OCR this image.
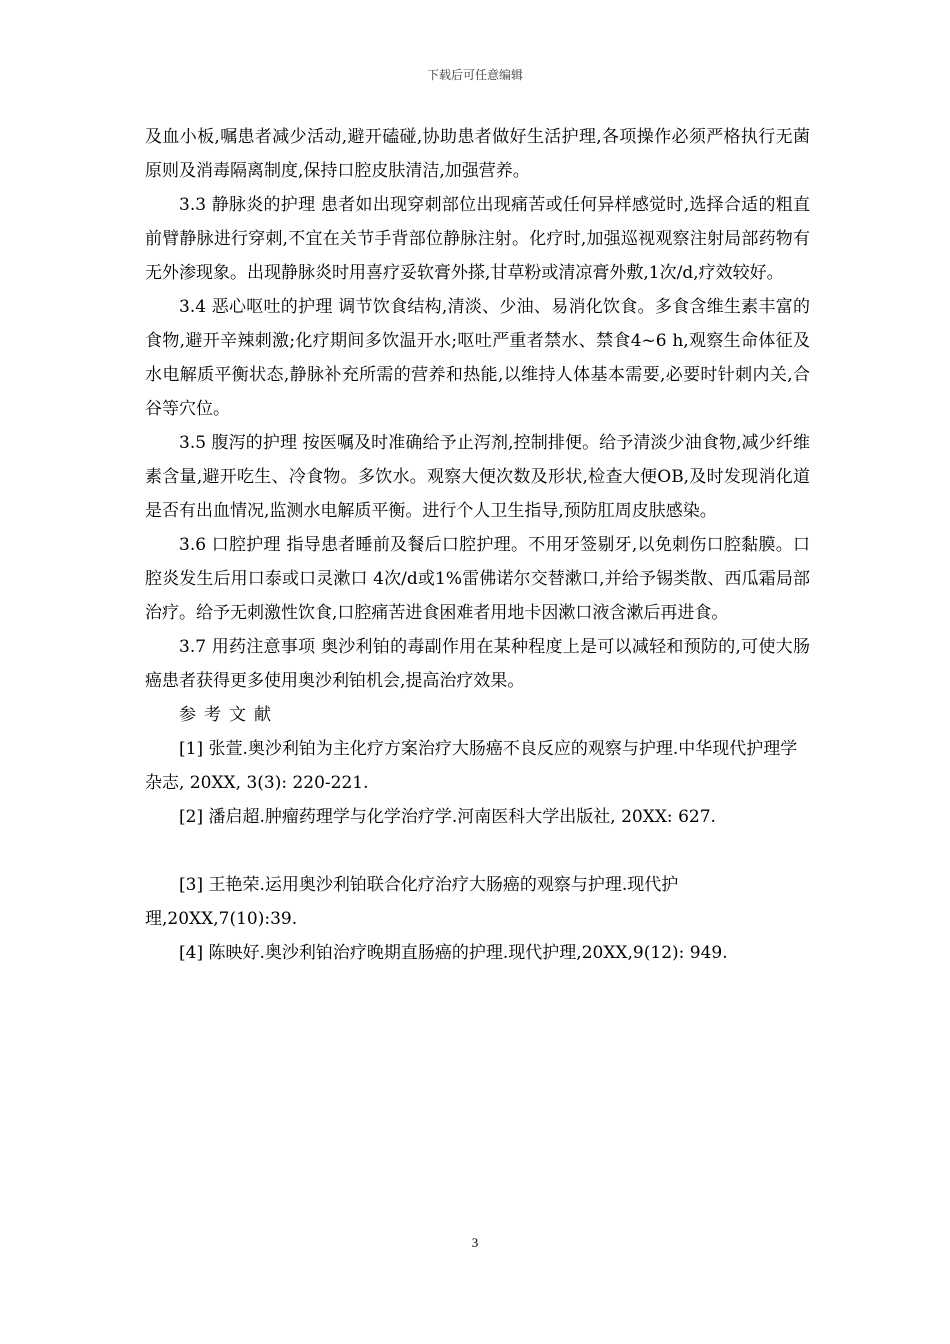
下载后可任意编辑

及血小板,嘱患者减少活动,避开磕碰,协助患者做好生活护理,各项操作必须严格执行无菌原则及消毒隔离制度,保持口腔皮肤清洁,加强营养。

3.3 静脉炎的护理 患者如出现穿刺部位出现痛苦或任何异样感觉时,选择合适的粗直前臂静脉进行穿刺,不宜在关节手背部位静脉注射。化疗时,加强巡视观察注射局部药物有无外渗现象。出现静脉炎时用喜疗妥软膏外搽,甘草粉或清凉膏外敷,1次/d,疗效较好。

3.4 恶心呕吐的护理 调节饮食结构,清淡、少油、易消化饮食。多食含维生素丰富的食物,避开辛辣刺激;化疗期间多饮温开水;呕吐严重者禁水、禁食4~6 h,观察生命体征及水电解质平衡状态,静脉补充所需的营养和热能,以维持人体基本需要,必要时针刺内关,合谷等穴位。

3.5 腹泻的护理 按医嘱及时准确给予止泻剂,控制排便。给予清淡少油食物,减少纤维素含量,避开吃生、冷食物。多饮水。观察大便次数及形状,检查大便OB,及时发现消化道是否有出血情况,监测水电解质平衡。进行个人卫生指导,预防肛周皮肤感染。

3.6 口腔护理 指导患者睡前及餐后口腔护理。不用牙签剔牙,以免刺伤口腔黏膜。口腔炎发生后用口泰或口灵漱口 4次/d或1%雷佛诺尔交替漱口,并给予锡类散、西瓜霜局部治疗。给予无刺激性饮食,口腔痛苦进食困难者用地卡因漱口液含漱后再进食。

3.7 用药注意事项 奥沙利铂的毒副作用在某种程度上是可以减轻和预防的,可使大肠癌患者获得更多使用奥沙利铂机会,提高治疗效果。

参考文献

[1] 张萱.奥沙利铂为主化疗方案治疗大肠癌不良反应的观察与护理.中华现代护理学杂志, 20XX, 3(3): 220-221.

[2] 潘启超.肿瘤药理学与化学治疗学.河南医科大学出版社, 20XX: 627.

[3] 王艳荣.运用奥沙利铂联合化疗治疗大肠癌的观察与护理.现代护理,20XX,7(10):39.

[4] 陈映好.奥沙利铂治疗晚期直肠癌的护理.现代护理,20XX,9(12): 949.

3
